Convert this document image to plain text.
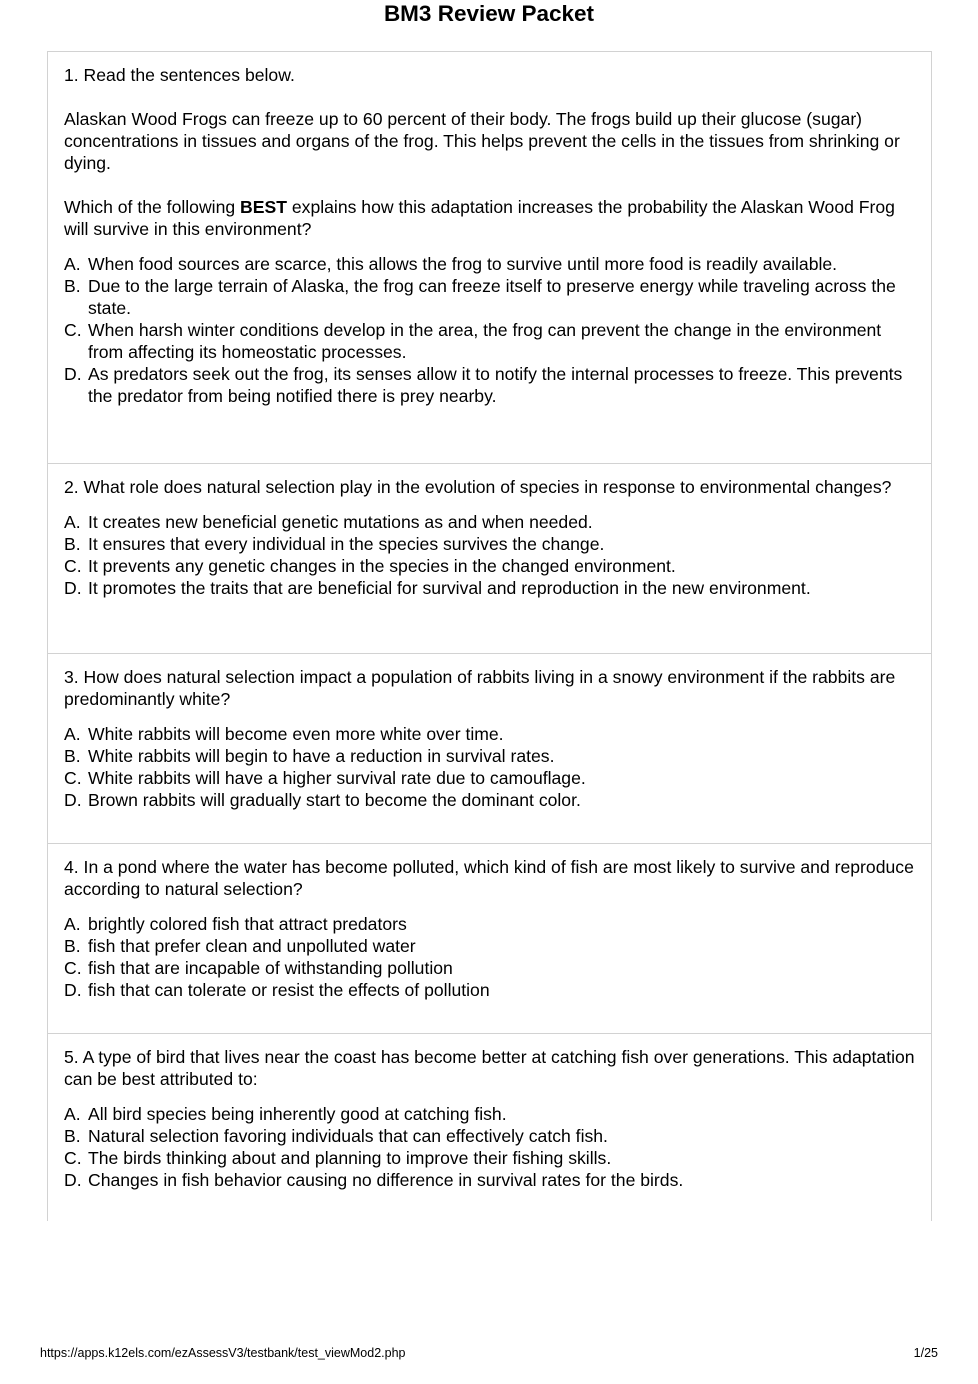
BM3 Review Packet

1. Read the sentences below.

Alaskan Wood Frogs can freeze up to 60 percent of their body. The frogs build up their glucose (sugar) concentrations in tissues and organs of the frog. This helps prevent the cells in the tissues from shrinking or dying.

Which of the following BEST explains how this adaptation increases the probability the Alaskan Wood Frog will survive in this environment?

A. When food sources are scarce, this allows the frog to survive until more food is readily available.
B. Due to the large terrain of Alaska, the frog can freeze itself to preserve energy while traveling across the state.
C. When harsh winter conditions develop in the area, the frog can prevent the change in the environment from affecting its homeostatic processes.
D. As predators seek out the frog, its senses allow it to notify the internal processes to freeze. This prevents the predator from being notified there is prey nearby.

2. What role does natural selection play in the evolution of species in response to environmental changes?

A. It creates new beneficial genetic mutations as and when needed.
B. It ensures that every individual in the species survives the change.
C. It prevents any genetic changes in the species in the changed environment.
D. It promotes the traits that are beneficial for survival and reproduction in the new environment.

3. How does natural selection impact a population of rabbits living in a snowy environment if the rabbits are predominantly white?

A. White rabbits will become even more white over time.
B. White rabbits will begin to have a reduction in survival rates.
C. White rabbits will have a higher survival rate due to camouflage.
D. Brown rabbits will gradually start to become the dominant color.

4. In a pond where the water has become polluted, which kind of fish are most likely to survive and reproduce according to natural selection?

A. brightly colored fish that attract predators
B. fish that prefer clean and unpolluted water
C. fish that are incapable of withstanding pollution
D. fish that can tolerate or resist the effects of pollution

5. A type of bird that lives near the coast has become better at catching fish over generations. This adaptation can be best attributed to:

A. All bird species being inherently good at catching fish.
B. Natural selection favoring individuals that can effectively catch fish.
C. The birds thinking about and planning to improve their fishing skills.
D. Changes in fish behavior causing no difference in survival rates for the birds.
https://apps.k12els.com/ezAssessV3/testbank/test_viewMod2.php	1/25
